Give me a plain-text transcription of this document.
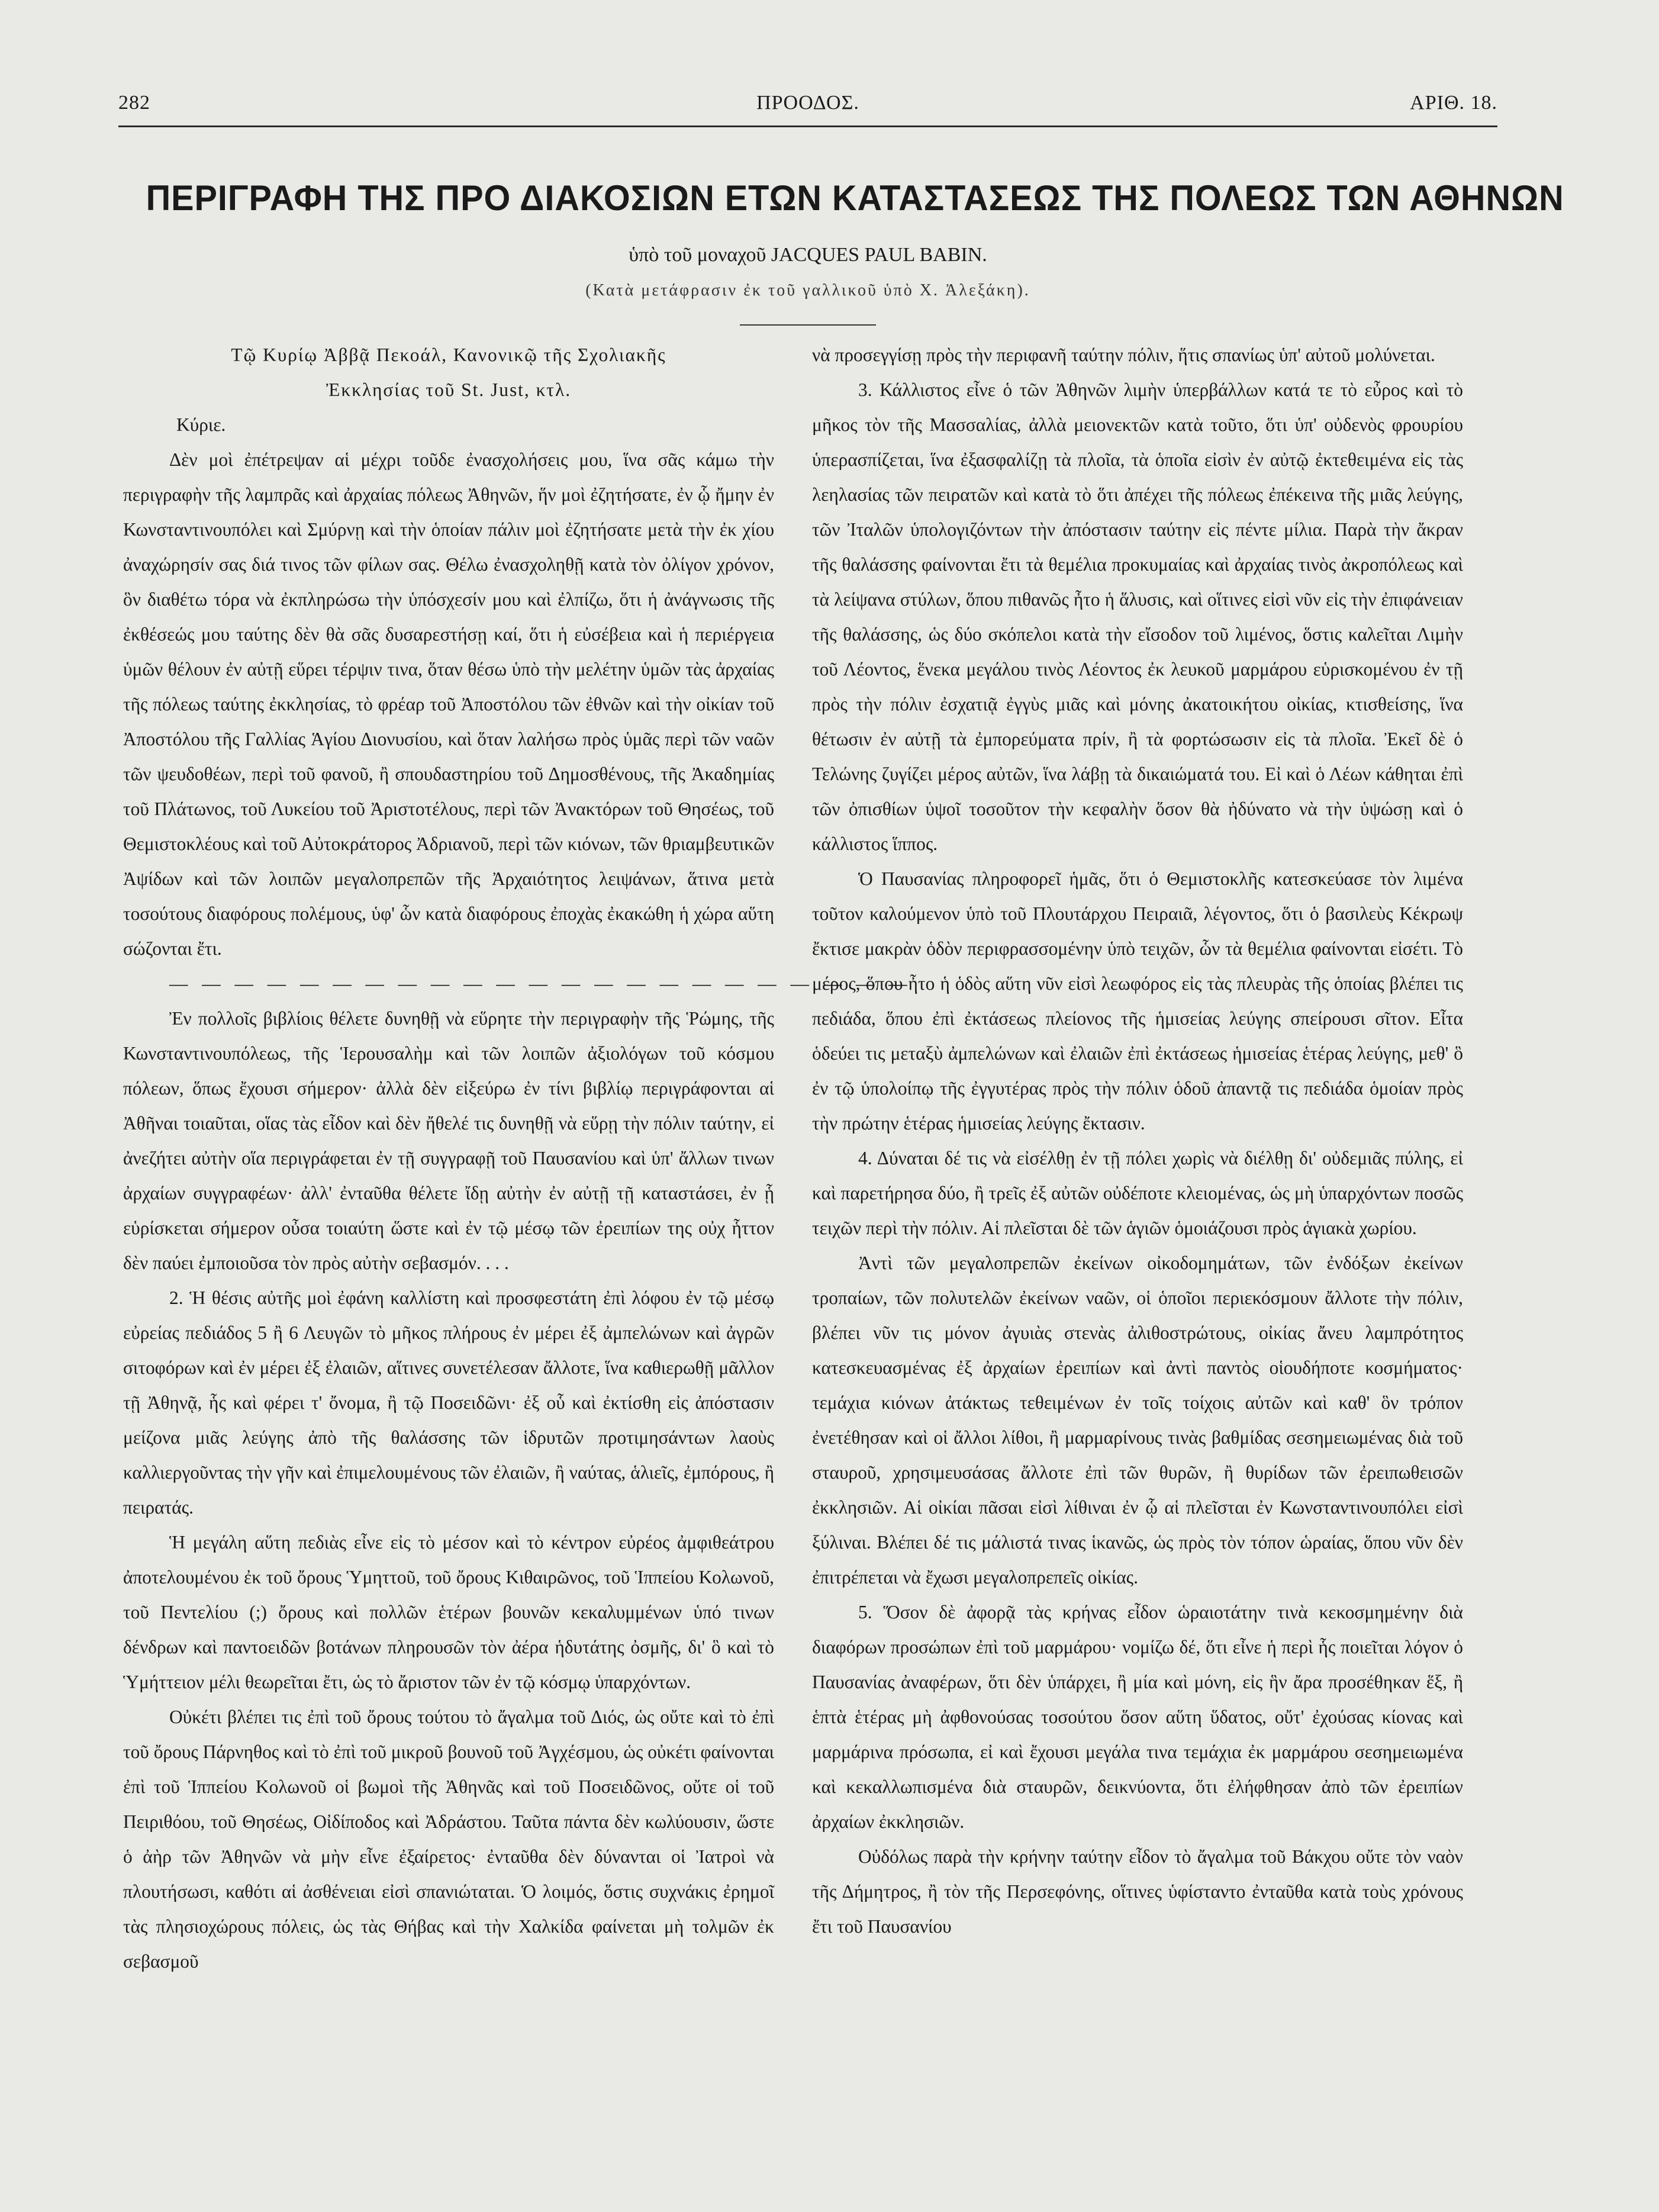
282	ΠΡΟΟΔΟΣ.	ΑΡΙΘ. 18.
ΠΕΡΙΓΡΑΦΗ ΤΗΣ ΠΡΟ ΔΙΑΚΟΣΙΩΝ ΕΤΩΝ ΚΑΤΑΣΤΑΣΕΩΣ ΤΗΣ ΠΟΛΕΩΣ ΤΩΝ ΑΘΗΝΩΝ
ὑπὸ τοῦ μοναχοῦ JACQUES PAUL BABIN.
(Κατὰ μετάφρασιν ἐκ τοῦ γαλλικοῦ ὑπὸ Χ. Ἀλεξάκη).

Τῷ Κυρίῳ Ἀββᾷ Πεκοάλ, Κανονικῷ τῆς Σχολιακῆς
Ἐκκλησίας τοῦ St. Just, κτλ.

Κύριε.

Δὲν μοὶ ἐπέτρεψαν αἱ μέχρι τοῦδε ἐνασχολήσεις μου, ἵνα σᾶς κάμω τὴν περιγραφὴν τῆς λαμπρᾶς καὶ ἀρχαίας πόλεως Ἀθηνῶν, ἥν μοὶ ἐζητήσατε, ἐν ᾧ ἤμην ἐν Κωνσταντινουπόλει καὶ Σμύρνῃ καὶ τὴν ὁποίαν πάλιν μοὶ ἐζητήσατε μετὰ τὴν ἐκ χίου ἀναχώρησίν σας διά τινος τῶν φίλων σας. Θέλω ἐνασχοληθῇ κατὰ τὸν ὀλίγον χρόνον, ὃν διαθέτω τόρα νὰ ἐκπληρώσω τὴν ὑπόσχεσίν μου καὶ ἐλπίζω, ὅτι ἡ ἀνάγνωσις τῆς ἐκθέσεώς μου ταύτης δὲν θὰ σᾶς δυσαρεστήσῃ καί, ὅτι ἡ εὐσέβεια καὶ ἡ περιέργεια ὑμῶν θέλουν ἐν αὐτῇ εὕρει τέρψιν τινα, ὅταν θέσω ὑπὸ τὴν μελέτην ὑμῶν τὰς ἀρχαίας τῆς πόλεως ταύτης ἐκκλησίας, τὸ φρέαρ τοῦ Ἀποστόλου τῶν ἐθνῶν καὶ τὴν οἰκίαν τοῦ Ἀποστόλου τῆς Γαλλίας Ἁγίου Διονυσίου, καὶ ὅταν λαλήσω πρὸς ὑμᾶς περὶ τῶν ναῶν τῶν ψευδοθέων, περὶ τοῦ φανοῦ, ἢ σπουδαστηρίου τοῦ Δημοσθένους, τῆς Ἀκαδημίας τοῦ Πλάτωνος, τοῦ Λυκείου τοῦ Ἀριστοτέλους, περὶ τῶν Ἀνακτόρων τοῦ Θησέως, τοῦ Θεμιστοκλέους καὶ τοῦ Αὐτοκράτορος Ἀδριανοῦ, περὶ τῶν κιόνων, τῶν θριαμβευτικῶν Ἀψίδων καὶ τῶν λοιπῶν μεγαλοπρεπῶν τῆς Ἀρχαιότητος λειψάνων, ἅτινα μετὰ τοσούτους διαφόρους πολέμους, ὑφ' ὧν κατὰ διαφόρους ἐποχὰς ἐκακώθη ἡ χώρα αὕτη σώζονται ἔτι.

— — — — — — — — — — — — — — — — — — — — — — —

Ἐν πολλοῖς βιβλίοις θέλετε δυνηθῇ νὰ εὕρητε τὴν περιγραφὴν τῆς Ῥώμης, τῆς Κωνσταντινουπόλεως, τῆς Ἱερουσαλὴμ καὶ τῶν λοιπῶν ἀξιολόγων τοῦ κόσμου πόλεων, ὅπως ἔχουσι σήμερον· ἀλλὰ δὲν εἰξεύρω ἐν τίνι βιβλίῳ περιγράφονται αἱ Ἀθῆναι τοιαῦται, οἵας τὰς εἶδον καὶ δὲν ἤθελέ τις δυνηθῇ νὰ εὕρῃ τὴν πόλιν ταύτην, εἰ ἀνεζήτει αὐτὴν οἵα περιγράφεται ἐν τῇ συγγραφῇ τοῦ Παυσανίου καὶ ὑπ' ἄλλων τινων ἀρχαίων συγγραφέων· ἀλλ' ἐνταῦθα θέλετε ἴδῃ αὐτὴν ἐν αὐτῇ τῇ καταστάσει, ἐν ᾗ εὑρίσκεται σήμερον οὖσα τοιαύτη ὥστε καὶ ἐν τῷ μέσῳ τῶν ἐρειπίων της οὐχ ἧττον δὲν παύει ἐμποιοῦσα τὸν πρὸς αὐτὴν σεβασμόν. . . .

2. Ἡ θέσις αὐτῆς μοὶ ἐφάνη καλλίστη καὶ προσφεστάτη ἐπὶ λόφου ἐν τῷ μέσῳ εὐρείας πεδιάδος 5 ἢ 6 Λευγῶν τὸ μῆκος πλήρους ἐν μέρει ἐξ ἀμπελώνων καὶ ἀγρῶν σιτοφόρων καὶ ἐν μέρει ἐξ ἐλαιῶν, αἵτινες συνετέλεσαν ἄλλοτε, ἵνα καθιερωθῇ μᾶλλον τῇ Ἀθηνᾷ, ἧς καὶ φέρει τ' ὄνομα, ἢ τῷ Ποσειδῶνι· ἐξ οὗ καὶ ἐκτίσθη εἰς ἀπόστασιν μείζονα μιᾶς λεύγης ἀπὸ τῆς θαλάσσης τῶν ἱδρυτῶν προτιμησάντων λαοὺς καλλιεργοῦντας τὴν γῆν καὶ ἐπιμελουμένους τῶν ἐλαιῶν, ἢ ναύτας, ἁλιεῖς, ἐμπόρους, ἢ πειρατάς.

Ἡ μεγάλη αὕτη πεδιὰς εἶνε εἰς τὸ μέσον καὶ τὸ κέντρον εὐρέος ἀμφιθεάτρου ἀποτελουμένου ἐκ τοῦ ὄρους Ὑμηττοῦ, τοῦ ὄρους Κιθαιρῶνος, τοῦ Ἱππείου Κολωνοῦ, τοῦ Πεντελίου (;) ὄρους καὶ πολλῶν ἑτέρων βουνῶν κεκαλυμμένων ὑπό τινων δένδρων καὶ παντοειδῶν βοτάνων πληρουσῶν τὸν ἀέρα ἡδυτάτης ὀσμῆς, δι' ὃ καὶ τὸ Ὑμήττειον μέλι θεωρεῖται ἔτι, ὡς τὸ ἄριστον τῶν ἐν τῷ κόσμῳ ὑπαρχόντων.

Οὐκέτι βλέπει τις ἐπὶ τοῦ ὄρους τούτου τὸ ἄγαλμα τοῦ Διός, ὡς οὔτε καὶ τὸ ἐπὶ τοῦ ὄρους Πάρνηθος καὶ τὸ ἐπὶ τοῦ μικροῦ βουνοῦ τοῦ Ἀγχέσμου, ὡς οὐκέτι φαίνονται ἐπὶ τοῦ Ἱππείου Κολωνοῦ οἱ βωμοὶ τῆς Ἀθηνᾶς καὶ τοῦ Ποσειδῶνος, οὔτε οἱ τοῦ Πειριθόου, τοῦ Θησέως, Οἰδίποδος καὶ Ἀδράστου. Ταῦτα πάντα δὲν κωλύουσιν, ὥστε ὁ ἀὴρ τῶν Ἀθηνῶν νὰ μὴν εἶνε ἐξαίρετος· ἐνταῦθα δὲν δύνανται οἱ Ἰατροὶ νὰ πλουτήσωσι, καθότι αἱ ἀσθένειαι εἰσὶ σπανιώταται. Ὁ λοιμός, ὅστις συχνάκις ἐρημοῖ τὰς πλησιοχώρους πόλεις, ὡς τὰς Θήβας καὶ τὴν Χαλκίδα φαίνεται μὴ τολμῶν ἐκ σεβασμοῦ

νὰ προσεγγίσῃ πρὸς τὴν περιφανῆ ταύτην πόλιν, ἥτις σπανίως ὑπ' αὐτοῦ μολύνεται.

3. Κάλλιστος εἶνε ὁ τῶν Ἀθηνῶν λιμὴν ὑπερβάλλων κατά τε τὸ εὖρος καὶ τὸ μῆκος τὸν τῆς Μασσαλίας, ἀλλὰ μειονεκτῶν κατὰ τοῦτο, ὅτι ὑπ' οὐδενὸς φρουρίου ὑπερασπίζεται, ἵνα ἐξασφαλίζῃ τὰ πλοῖα, τὰ ὁποῖα εἰσὶν ἐν αὐτῷ ἐκτεθειμένα εἰς τὰς λεηλασίας τῶν πειρατῶν καὶ κατὰ τὸ ὅτι ἀπέχει τῆς πόλεως ἐπέκεινα τῆς μιᾶς λεύγης, τῶν Ἰταλῶν ὑπολογιζόντων τὴν ἀπόστασιν ταύτην εἰς πέντε μίλια. Παρὰ τὴν ἄκραν τῆς θαλάσσης φαίνονται ἔτι τὰ θεμέλια προκυμαίας καὶ ἀρχαίας τινὸς ἀκροπόλεως καὶ τὰ λείψανα στύλων, ὅπου πιθανῶς ἦτο ἡ ἅλυσις, καὶ οἵτινες εἰσὶ νῦν εἰς τὴν ἐπιφάνειαν τῆς θαλάσσης, ὡς δύο σκόπελοι κατὰ τὴν εἴσοδον τοῦ λιμένος, ὅστις καλεῖται Λιμὴν τοῦ Λέοντος, ἕνεκα μεγάλου τινὸς Λέοντος ἐκ λευκοῦ μαρμάρου εὑρισκομένου ἐν τῇ πρὸς τὴν πόλιν ἐσχατιᾷ ἐγγὺς μιᾶς καὶ μόνης ἀκατοικήτου οἰκίας, κτισθείσης, ἵνα θέτωσιν ἐν αὐτῇ τὰ ἐμπορεύματα πρίν, ἢ τὰ φορτώσωσιν εἰς τὰ πλοῖα. Ἐκεῖ δὲ ὁ Τελώνης ζυγίζει μέρος αὐτῶν, ἵνα λάβῃ τὰ δικαιώματά του. Εἰ καὶ ὁ Λέων κάθηται ἐπὶ τῶν ὀπισθίων ὑψοῖ τοσοῦτον τὴν κεφαλὴν ὅσον θὰ ἠδύνατο νὰ τὴν ὑψώσῃ καὶ ὁ κάλλιστος ἵππος.

Ὁ Παυσανίας πληροφορεῖ ἡμᾶς, ὅτι ὁ Θεμιστοκλῆς κατεσκεύασε τὸν λιμένα τοῦτον καλούμενον ὑπὸ τοῦ Πλουτάρχου Πειραιᾶ, λέγοντος, ὅτι ὁ βασιλεὺς Κέκρωψ ἔκτισε μακρὰν ὁδὸν περιφρασσομένην ὑπὸ τειχῶν, ὧν τὰ θεμέλια φαίνονται εἰσέτι. Τὸ μέρος, ὅπου ἦτο ἡ ὁδὸς αὕτη νῦν εἰσὶ λεωφόρος εἰς τὰς πλευρὰς τῆς ὁποίας βλέπει τις πεδιάδα, ὅπου ἐπὶ ἐκτάσεως πλείονος τῆς ἡμισείας λεύγης σπείρουσι σῖτον. Εἶτα ὁδεύει τις μεταξὺ ἀμπελώνων καὶ ἐλαιῶν ἐπὶ ἐκτάσεως ἡμισείας ἑτέρας λεύγης, μεθ' ὃ ἐν τῷ ὑπολοίπῳ τῆς ἐγγυτέρας πρὸς τὴν πόλιν ὁδοῦ ἀπαντᾷ τις πεδιάδα ὁμοίαν πρὸς τὴν πρώτην ἑτέρας ἡμισείας λεύγης ἔκτασιν.

4. Δύναται δέ τις νὰ εἰσέλθῃ ἐν τῇ πόλει χωρὶς νὰ διέλθῃ δι' οὐδεμιᾶς πύλης, εἰ καὶ παρετήρησα δύο, ἢ τρεῖς ἐξ αὐτῶν οὐδέποτε κλειομένας, ὡς μὴ ὑπαρχόντων ποσῶς τειχῶν περὶ τὴν πόλιν. Αἱ πλεῖσται δὲ τῶν ἁγιῶν ὁμοιάζουσι πρὸς ἁγιακὰ χωρίου.

Ἀντὶ τῶν μεγαλοπρεπῶν ἐκείνων οἰκοδομημάτων, τῶν ἐνδόξων ἐκείνων τροπαίων, τῶν πολυτελῶν ἐκείνων ναῶν, οἱ ὁποῖοι περιεκόσμουν ἄλλοτε τὴν πόλιν, βλέπει νῦν τις μόνον ἀγυιὰς στενὰς ἀλιθοστρώτους, οἰκίας ἄνευ λαμπρότητος κατεσκευασμένας ἐξ ἀρχαίων ἐρειπίων καὶ ἀντὶ παντὸς οἱουδήποτε κοσμήματος· τεμάχια κιόνων ἀτάκτως τεθειμένων ἐν τοῖς τοίχοις αὐτῶν καὶ καθ' ὃν τρόπον ἐνετέθησαν καὶ οἱ ἄλλοι λίθοι, ἢ μαρμαρίνους τινὰς βαθμίδας σεσημειωμένας διὰ τοῦ σταυροῦ, χρησιμευσάσας ἄλλοτε ἐπὶ τῶν θυρῶν, ἢ θυρίδων τῶν ἐρειπωθεισῶν ἐκκλησιῶν. Αἱ οἰκίαι πᾶσαι εἰσὶ λίθιναι ἐν ᾧ αἱ πλεῖσται ἐν Κωνσταντινουπόλει εἰσὶ ξύλιναι. Βλέπει δέ τις μάλιστά τινας ἱκανῶς, ὡς πρὸς τὸν τόπον ὡραίας, ὅπου νῦν δὲν ἐπιτρέπεται νὰ ἔχωσι μεγαλοπρεπεῖς οἰκίας.

5. Ὅσον δὲ ἀφορᾷ τὰς κρήνας εἶδον ὡραιοτάτην τινὰ κεκοσμημένην διὰ διαφόρων προσώπων ἐπὶ τοῦ μαρμάρου· νομίζω δέ, ὅτι εἶνε ἡ περὶ ἧς ποιεῖται λόγον ὁ Παυσανίας ἀναφέρων, ὅτι δὲν ὑπάρχει, ἢ μία καὶ μόνη, εἰς ἣν ἄρα προσέθηκαν ἕξ, ἢ ἑπτὰ ἑτέρας μὴ ἀφθονούσας τοσούτου ὅσον αὕτη ὕδατος, οὔτ' ἐχούσας κίονας καὶ μαρμάρινα πρόσωπα, εἰ καὶ ἔχουσι μεγάλα τινα τεμάχια ἐκ μαρμάρου σεσημειωμένα καὶ κεκαλλωπισμένα διὰ σταυρῶν, δεικνύοντα, ὅτι ἐλήφθησαν ἀπὸ τῶν ἐρειπίων ἀρχαίων ἐκκλησιῶν.

Οὐδόλως παρὰ τὴν κρήνην ταύτην εἶδον τὸ ἄγαλμα τοῦ Βάκχου οὔτε τὸν ναὸν τῆς Δήμητρος, ἢ τὸν τῆς Περσεφόνης, οἵτινες ὑφίσταντο ἐνταῦθα κατὰ τοὺς χρόνους ἔτι τοῦ Παυσανίου
